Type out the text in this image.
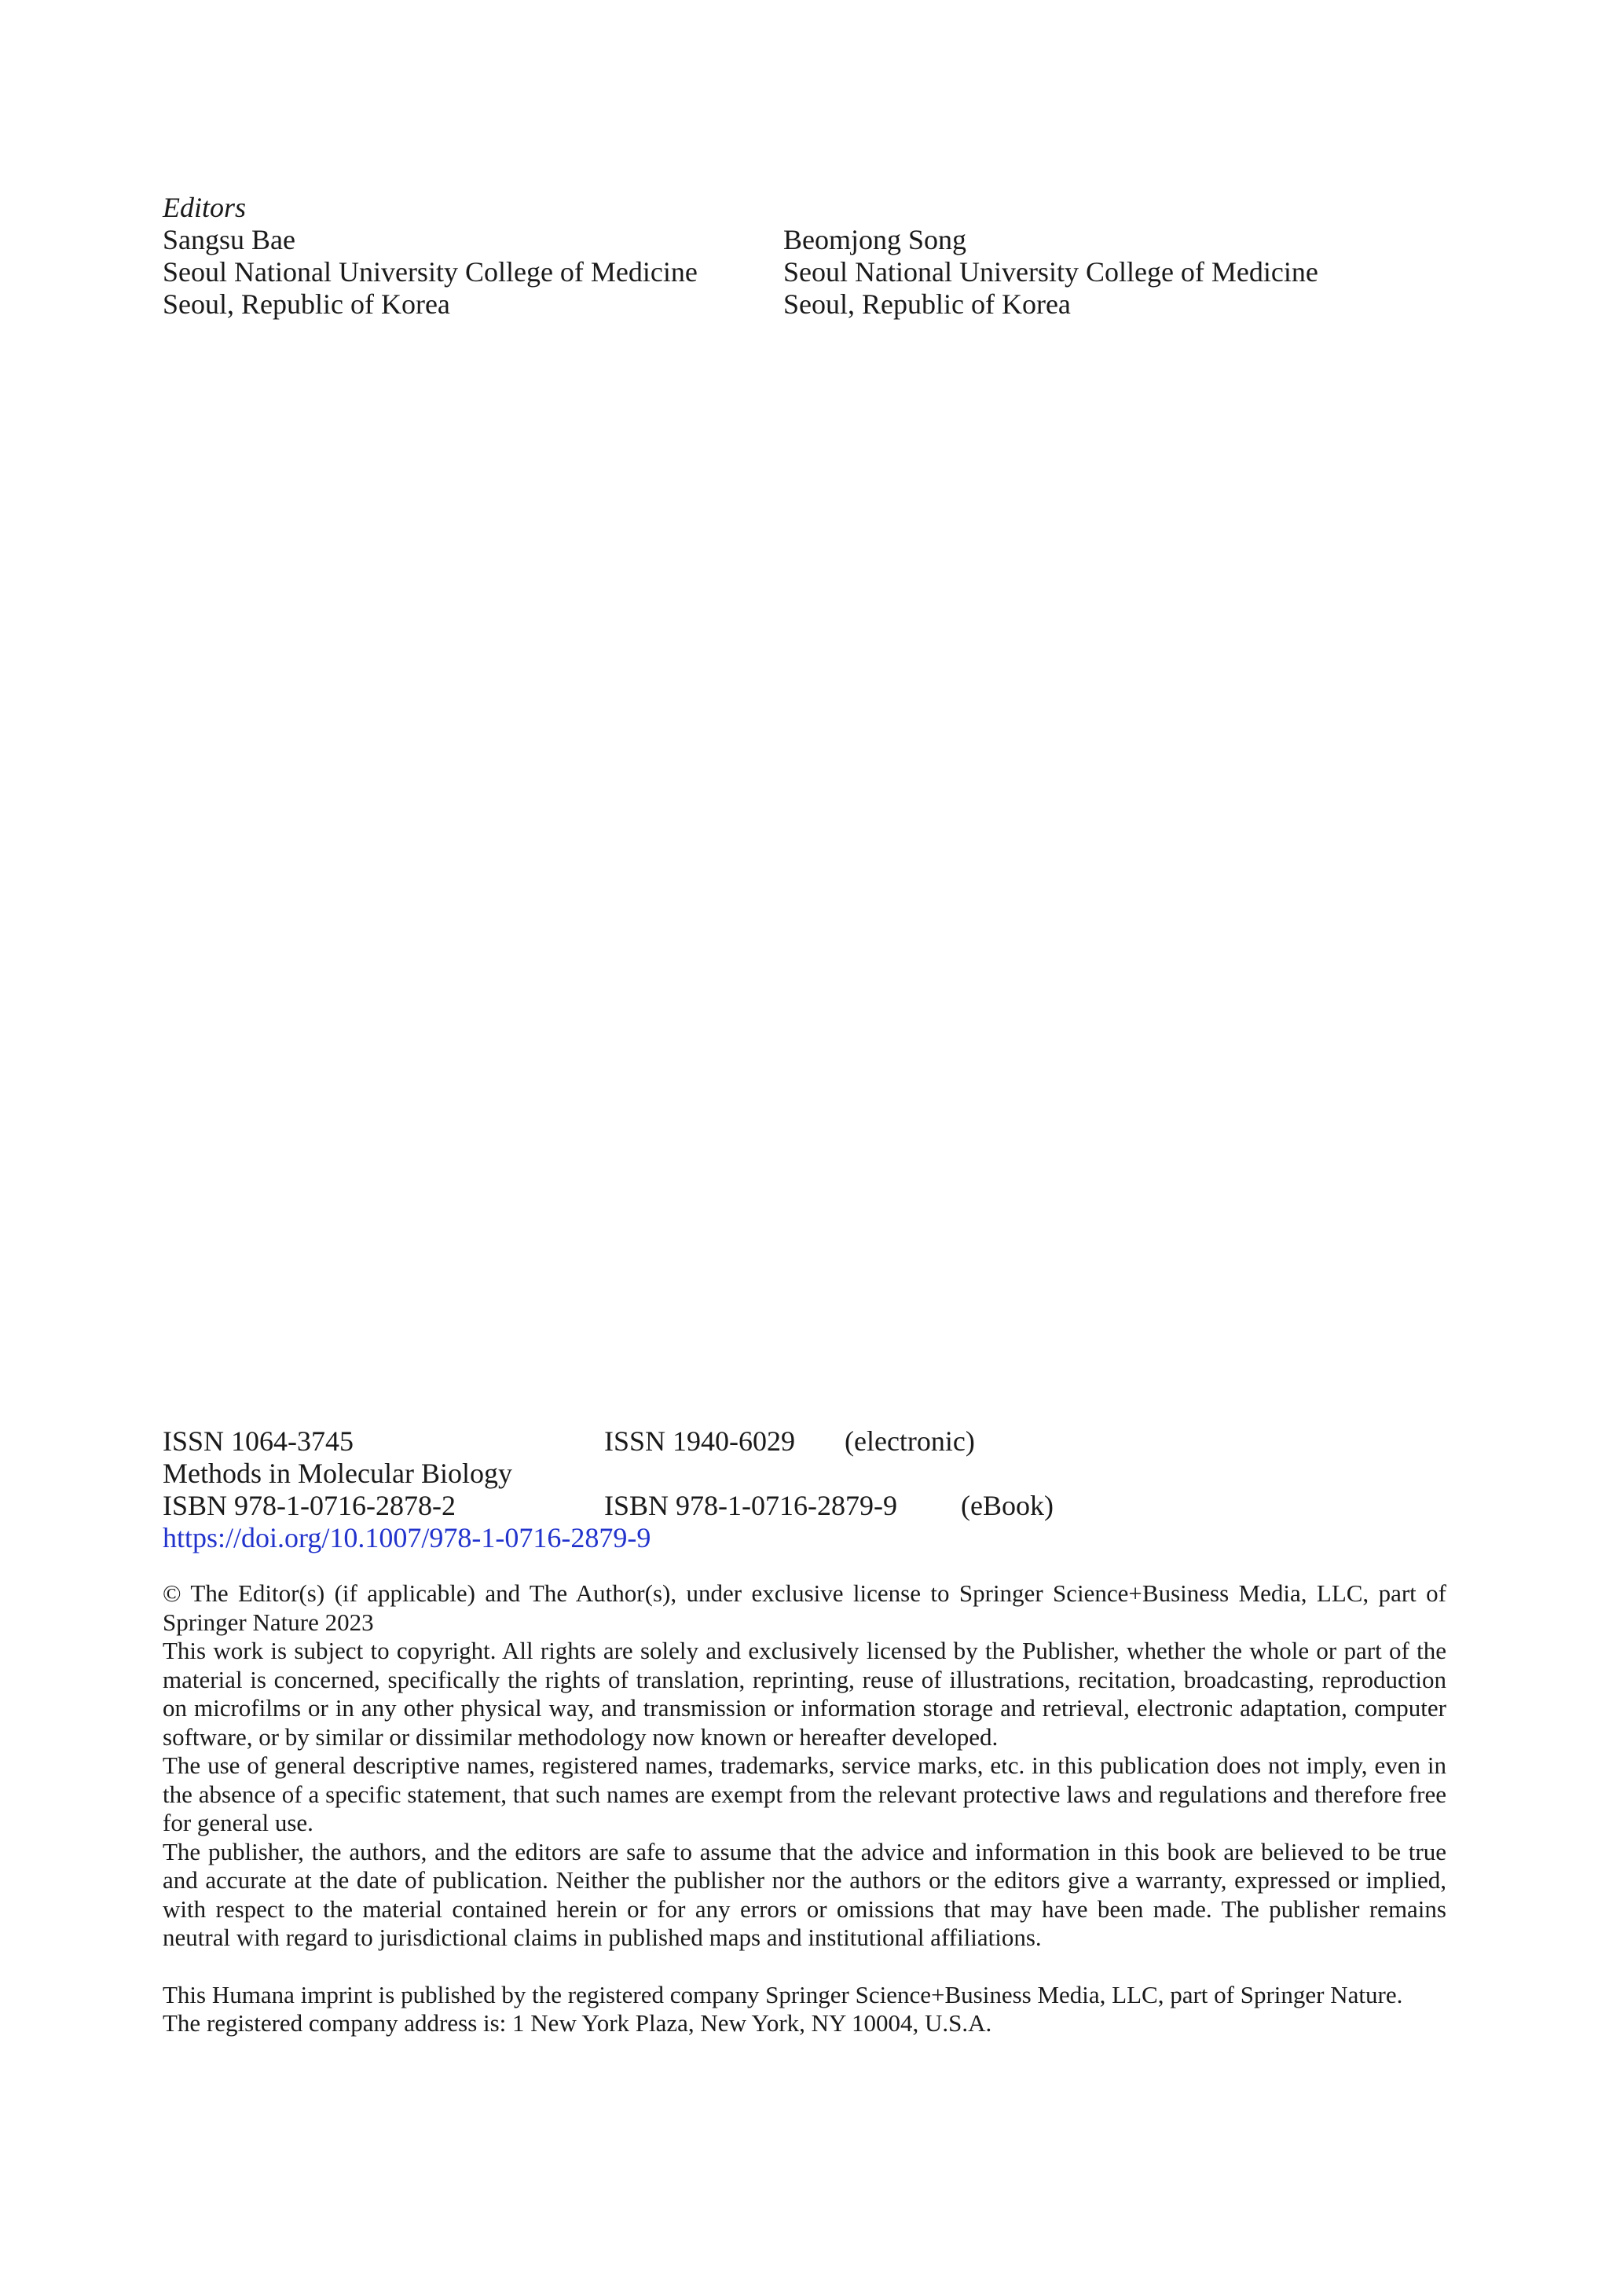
Editors
Sangsu Bae
Seoul National University College of Medicine
Seoul, Republic of Korea
Beomjong Song
Seoul National University College of Medicine
Seoul, Republic of Korea
ISSN 1064-3745	ISSN 1940-6029 (electronic)
Methods in Molecular Biology
ISBN 978-1-0716-2878-2	ISBN 978-1-0716-2879-9 (eBook)
https://doi.org/10.1007/978-1-0716-2879-9

© The Editor(s) (if applicable) and The Author(s), under exclusive license to Springer Science+Business Media, LLC, part of Springer Nature 2023

This work is subject to copyright. All rights are solely and exclusively licensed by the Publisher, whether the whole or part of the material is concerned, specifically the rights of translation, reprinting, reuse of illustrations, recitation, broadcasting, reproduction on microfilms or in any other physical way, and transmission or information storage and retrieval, electronic adaptation, computer software, or by similar or dissimilar methodology now known or hereafter developed.

The use of general descriptive names, registered names, trademarks, service marks, etc. in this publication does not imply, even in the absence of a specific statement, that such names are exempt from the relevant protective laws and regulations and therefore free for general use.

The publisher, the authors, and the editors are safe to assume that the advice and information in this book are believed to be true and accurate at the date of publication. Neither the publisher nor the authors or the editors give a warranty, expressed or implied, with respect to the material contained herein or for any errors or omissions that may have been made. The publisher remains neutral with regard to jurisdictional claims in published maps and institutional affiliations.

This Humana imprint is published by the registered company Springer Science+Business Media, LLC, part of Springer Nature.

The registered company address is: 1 New York Plaza, New York, NY 10004, U.S.A.
